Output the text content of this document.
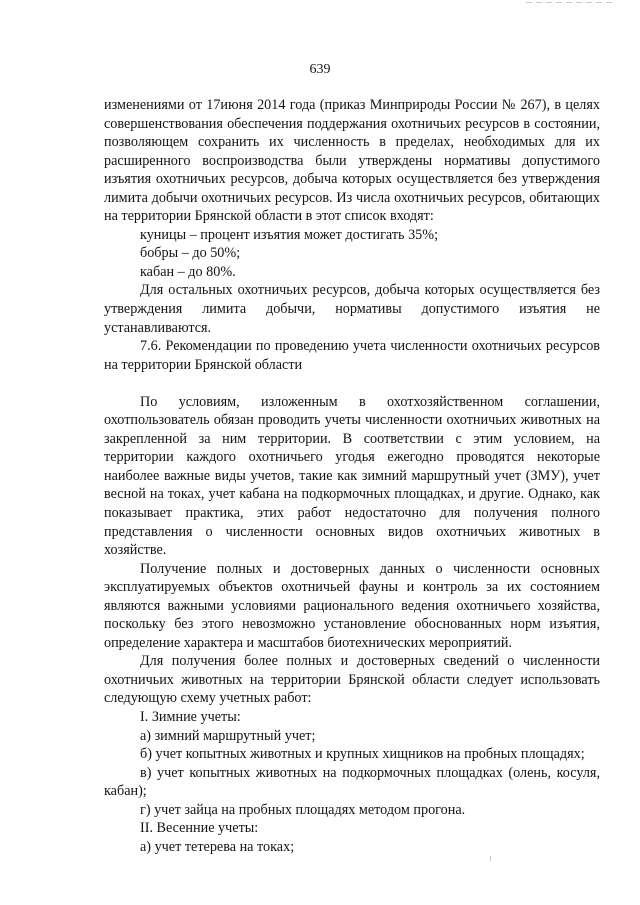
639

изменениями от 17июня 2014 года (приказ Минприроды России № 267), в целях совершенствования обеспечения поддержания охотничьих ресурсов в состоянии, позволяющем сохранить их численность в пределах, необходимых для их расширенного воспроизводства были утверждены нормативы допустимого изъятия охотничьих ресурсов, добыча которых осуществляется без утверждения лимита добычи охотничьих ресурсов. Из числа охотничьих ресурсов, обитающих на территории Брянской области в этот список входят:

куницы – процент изъятия может достигать 35%;

бобры – до 50%;

кабан – до 80%.

Для остальных охотничьих ресурсов, добыча которых осуществляется без утверждения лимита добычи, нормативы допустимого изъятия не устанавливаются.

7.6. Рекомендации по проведению учета численности охотничьих ресурсов на территории Брянской области

По условиям, изложенным в охотхозяйственном соглашении, охотпользователь обязан проводить учеты численности охотничьих животных на закрепленной за ним территории. В соответствии с этим условием, на территории каждого охотничьего угодья ежегодно проводятся некоторые наиболее важные виды учетов, такие как зимний маршрутный учет (ЗМУ), учет весной на токах, учет кабана на подкормочных площадках, и другие. Однако, как показывает практика, этих работ недостаточно для получения полного представления о численности основных видов охотничьих животных в хозяйстве.

Получение полных и достоверных данных о численности основных эксплуатируемых объектов охотничьей фауны и контроль за их состоянием являются важными условиями рационального ведения охотничьего хозяйства, поскольку без этого невозможно установление обоснованных норм изъятия, определение характера и масштабов биотехнических мероприятий.

Для получения более полных и достоверных сведений о численности охотничьих животных на территории Брянской области следует использовать следующую схему учетных работ:

I. Зимние учеты:

а) зимний маршрутный учет;

б) учет копытных животных и крупных хищников на пробных площадях;

в) учет копытных животных на подкормочных площадках (олень, косуля, кабан);

г) учет зайца на пробных площадях методом прогона.

II. Весенние учеты:

а) учет тетерева на токах;
